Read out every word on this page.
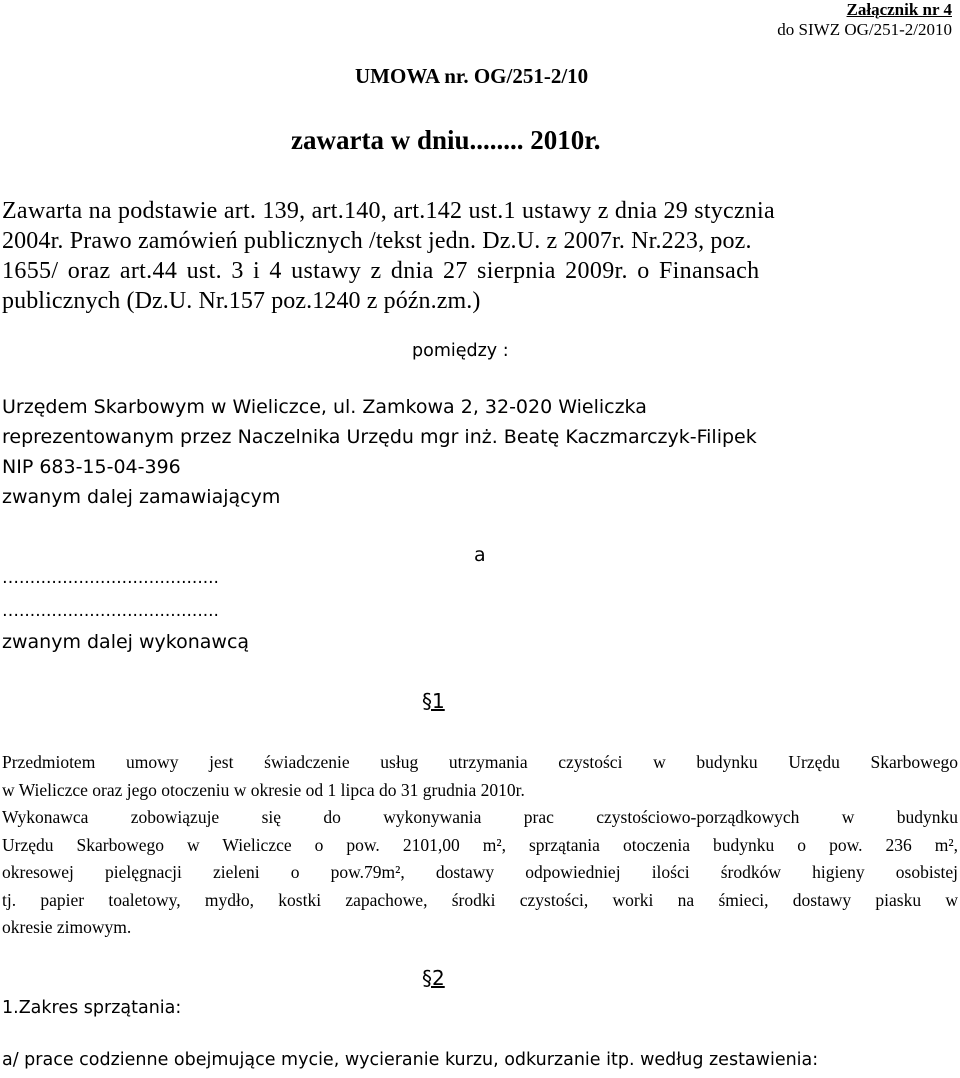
Załącznik nr 4
do SIWZ OG/251-2/2010
UMOWA nr. OG/251-2/10
zawarta w dniu........ 2010r.
Zawarta na podstawie art. 139, art.140, art.142 ust.1 ustawy z dnia 29 stycznia
2004r. Prawo zamówień publicznych /tekst jedn. Dz.U. z 2007r. Nr.223, poz.
1655/ oraz art.44 ust. 3 i 4 ustawy z dnia 27 sierpnia 2009r. o Finansach
publicznych (Dz.U. Nr.157 poz.1240 z późn.zm.)
pomiędzy :
Urzędem Skarbowym w Wieliczce, ul. Zamkowa 2, 32-020 Wieliczka
reprezentowanym przez Naczelnika Urzędu mgr inż. Beatę Kaczmarczyk-Filipek
NIP 683-15-04-396
zwanym dalej zamawiającym
a
….....................................
….....................................
zwanym dalej wykonawcą
§1
Przedmiotem umowy jest świadczenie usług utrzymania czystości w budynku Urzędu Skarbowego
w Wieliczce oraz jego otoczeniu w okresie od 1 lipca do 31 grudnia 2010r.
Wykonawca zobowiązuje się do wykonywania prac czystościowo-porządkowych w budynku
Urzędu Skarbowego w Wieliczce o pow. 2101,00 m², sprzątania otoczenia budynku o pow. 236 m²,
okresowej pielęgnacji zieleni o pow.79m², dostawy odpowiedniej ilości środków higieny osobistej
tj. papier toaletowy, mydło, kostki zapachowe, środki czystości, worki na śmieci, dostawy piasku w
okresie zimowym.
§2
1.Zakres sprzątania:
a/ prace codzienne obejmujące mycie, wycieranie kurzu, odkurzanie itp. według zestawienia:
